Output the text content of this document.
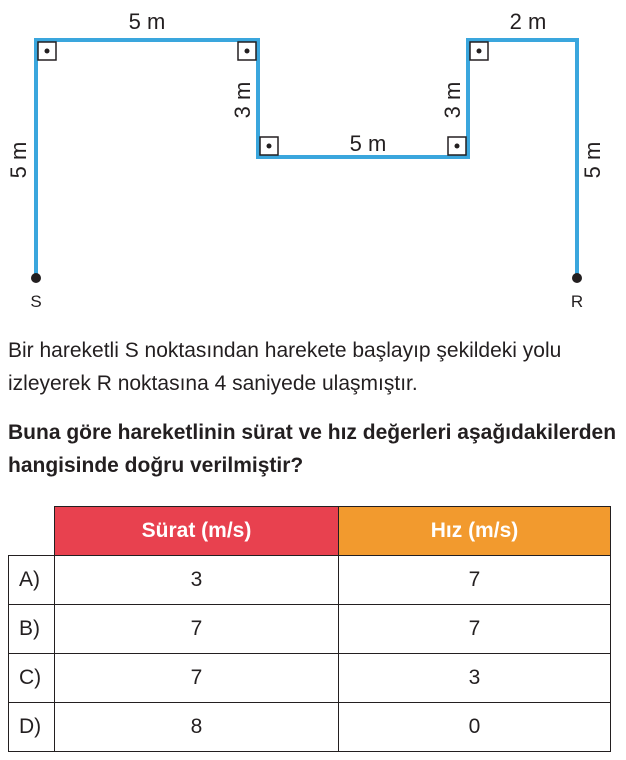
S	R
5 m
5 m
3 m
5 m
3 m
2 m
5 m

Bir hareketli S noktasından harekete başlayıp şekildeki yolu izleyerek R noktasına 4 saniyede ulaşmıştır.

Buna göre hareketlinin sürat ve hız değerleri aşağıdakilerden hangisinde doğru verilmiştir?

	Sürat (m/s)	Hız (m/s)
A)	3	7
B)	7	7
C)	7	3
D)	8	0
